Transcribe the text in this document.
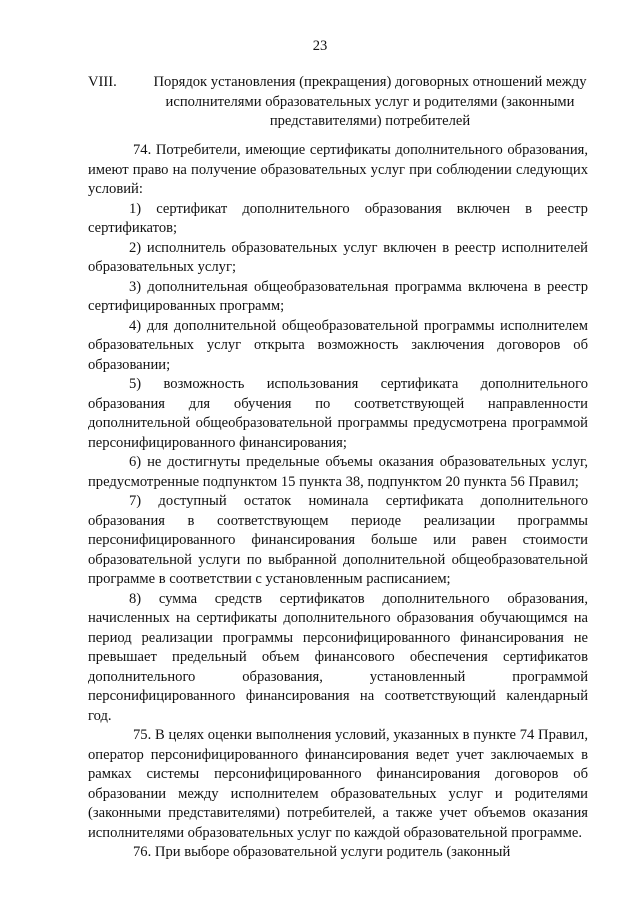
23
VIII.	Порядок установления (прекращения) договорных отношений между исполнителями образовательных услуг и родителями (законными представителями) потребителей

74. Потребители, имеющие сертификаты дополнительного образования, имеют право на получение образовательных услуг при соблюдении следующих условий:

1) сертификат дополнительного образования включен в реестр сертификатов;

2) исполнитель образовательных услуг включен в реестр исполнителей образовательных услуг;

3) дополнительная общеобразовательная программа включена в реестр сертифицированных программ;

4) для дополнительной общеобразовательной программы исполнителем образовательных услуг открыта возможность заключения договоров об образовании;

5) возможность использования сертификата дополнительного образования для обучения по соответствующей направленности дополнительной общеобразовательной программы предусмотрена программой персонифицированного финансирования;

6) не достигнуты предельные объемы оказания образовательных услуг, предусмотренные подпунктом 15 пункта 38, подпунктом 20 пункта 56 Правил;

7) доступный остаток номинала сертификата дополнительного образования в соответствующем периоде реализации программы персонифицированного финансирования больше или равен стоимости образовательной услуги по выбранной дополнительной общеобразовательной программе в соответствии с установленным расписанием;

8) сумма средств сертификатов дополнительного образования, начисленных на сертификаты дополнительного образования обучающимся на период реализации программы персонифицированного финансирования не превышает предельный объем финансового обеспечения сертификатов дополнительного образования, установленный программой персонифицированного финансирования на соответствующий календарный год.

75. В целях оценки выполнения условий, указанных в пункте 74 Правил, оператор персонифицированного финансирования ведет учет заключаемых в рамках системы персонифицированного финансирования договоров об образовании между исполнителем образовательных услуг и родителями (законными представителями) потребителей, а также учет объемов оказания исполнителями образовательных услуг по каждой образовательной программе.

76. При выборе образовательной услуги родитель (законный
